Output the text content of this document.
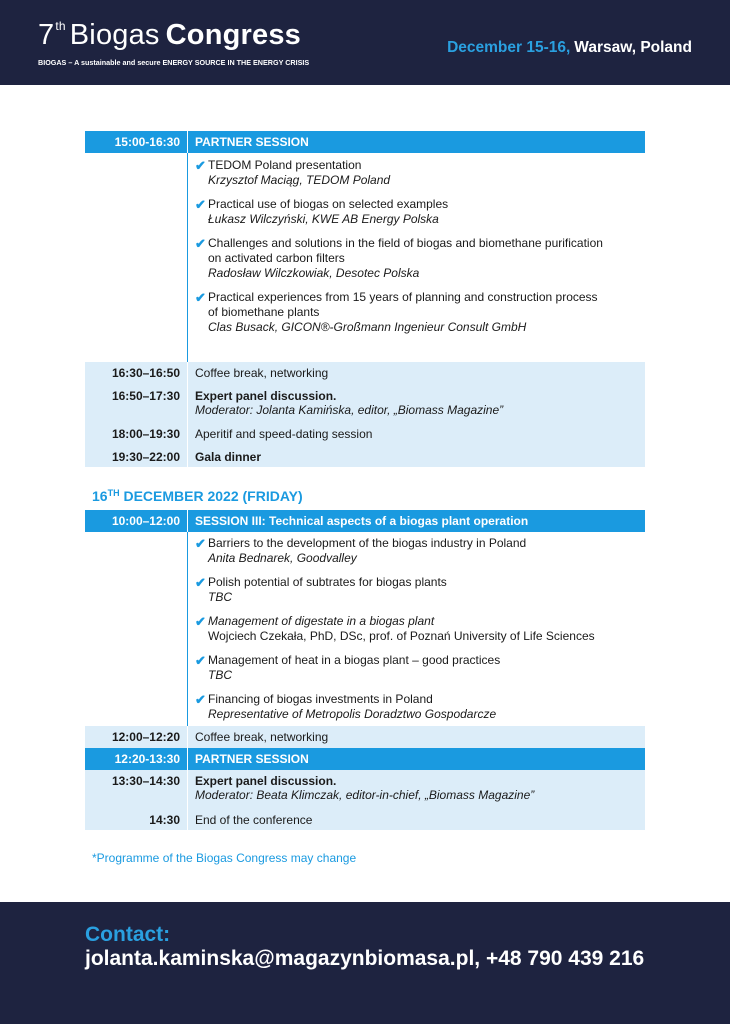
7th Biogas Congress
BIOGAS – A sustainable and secure ENERGY SOURCE IN THE ENERGY CRISIS
December 15-16, Warsaw, Poland
15:00-16:30	PARTNER SESSION
✔ TEDOM Poland presentation
Krzysztof Maciąg, TEDOM Poland
✔ Practical use of biogas on selected examples
Łukasz Wilczyński, KWE AB Energy Polska
✔ Challenges and solutions in the field of biogas and biomethane purification
on activated carbon filters
Radosław Wilczkowiak, Desotec Polska
✔ Practical experiences from 15 years of planning and construction process
of biomethane plants
Clas Busack, GICON®-Großmann Ingenieur Consult GmbH
16:30–16:50	Coffee break, networking
16:50–17:30	Expert panel discussion.
Moderator: Jolanta Kamińska, editor, „Biomass Magazine”
18:00–19:30	Aperitif and speed-dating session
19:30–22:00	Gala dinner
16TH DECEMBER 2022 (FRIDAY)
10:00–12:00	SESSION III: Technical aspects of a biogas plant operation
✔ Barriers to the development of the biogas industry in Poland
Anita Bednarek, Goodvalley
✔ Polish potential of subtrates for biogas plants
TBC
✔ Management of digestate in a biogas plant
Wojciech Czekała, PhD, DSc, prof. of Poznań University of Life Sciences
✔ Management of heat in a biogas plant – good practices
TBC
✔ Financing of biogas investments in Poland
Representative of Metropolis Doradztwo Gospodarcze
12:00–12:20	Coffee break, networking
12:20-13:30	PARTNER SESSION
13:30–14:30	Expert panel discussion.
Moderator: Beata Klimczak, editor-in-chief, „Biomass Magazine”
14:30	End of the conference
*Programme of the Biogas Congress may change
Contact:
jolanta.kaminska@magazynbiomasa.pl, +48 790 439 216
